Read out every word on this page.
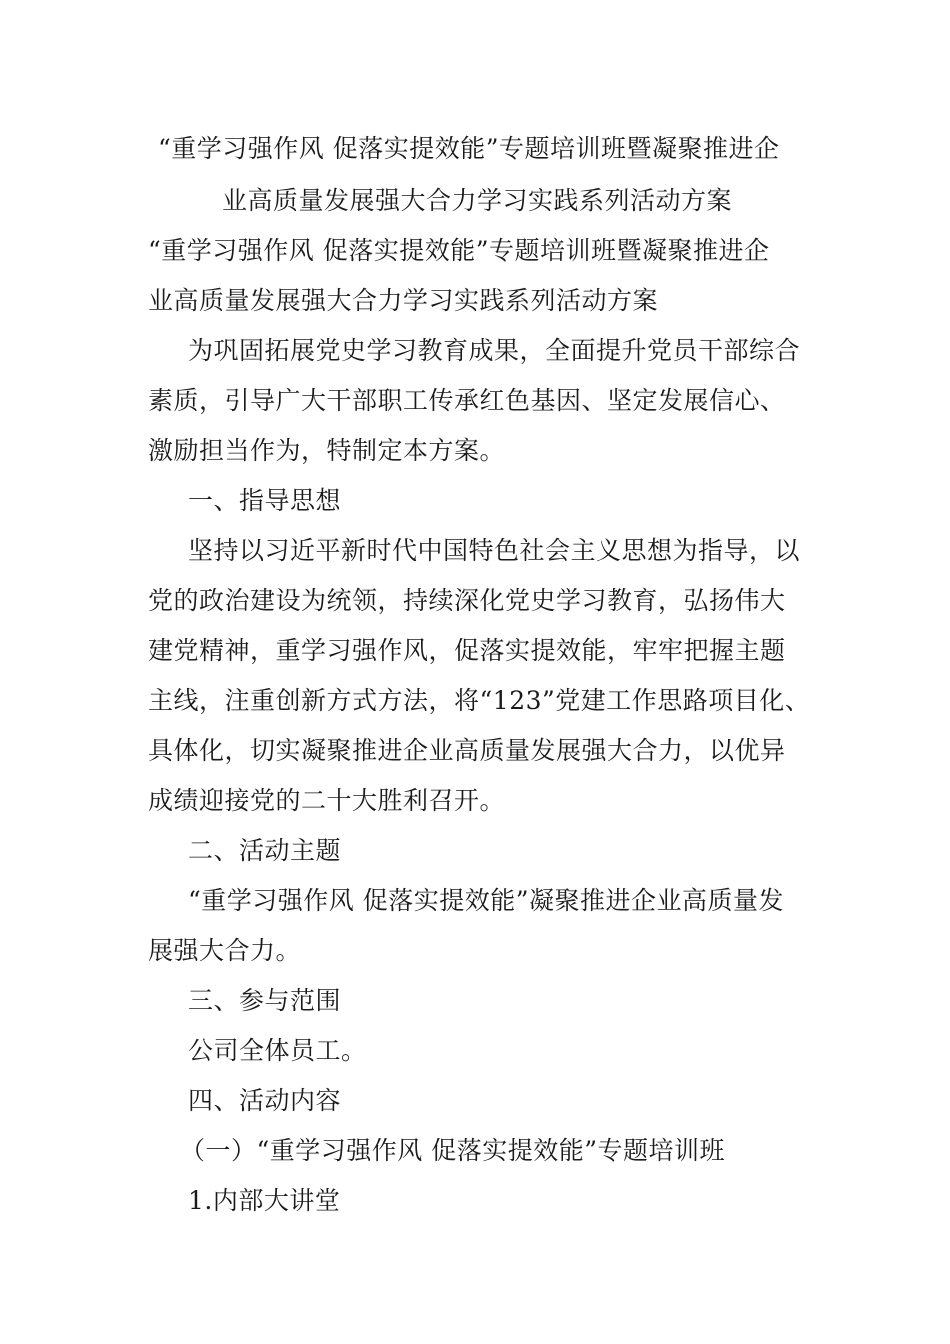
“重学习强作风 促落实提效能”专题培训班暨凝聚推进企
业高质量发展强大合力学习实践系列活动方案
“重学习强作风 促落实提效能”专题培训班暨凝聚推进企
业高质量发展强大合力学习实践系列活动方案
为巩固拓展党史学习教育成果，全面提升党员干部综合
素质，引导广大干部职工传承红色基因、坚定发展信心、
激励担当作为，特制定本方案。
一、指导思想
坚持以习近平新时代中国特色社会主义思想为指导，以
党的政治建设为统领，持续深化党史学习教育，弘扬伟大
建党精神，重学习强作风，促落实提效能，牢牢把握主题
主线，注重创新方式方法，将“123”党建工作思路项目化、
具体化，切实凝聚推进企业高质量发展强大合力，以优异
成绩迎接党的二十大胜利召开。
二、活动主题
“重学习强作风 促落实提效能”凝聚推进企业高质量发
展强大合力。
三、参与范围
公司全体员工。
四、活动内容
（一）“重学习强作风 促落实提效能”专题培训班
1.内部大讲堂
